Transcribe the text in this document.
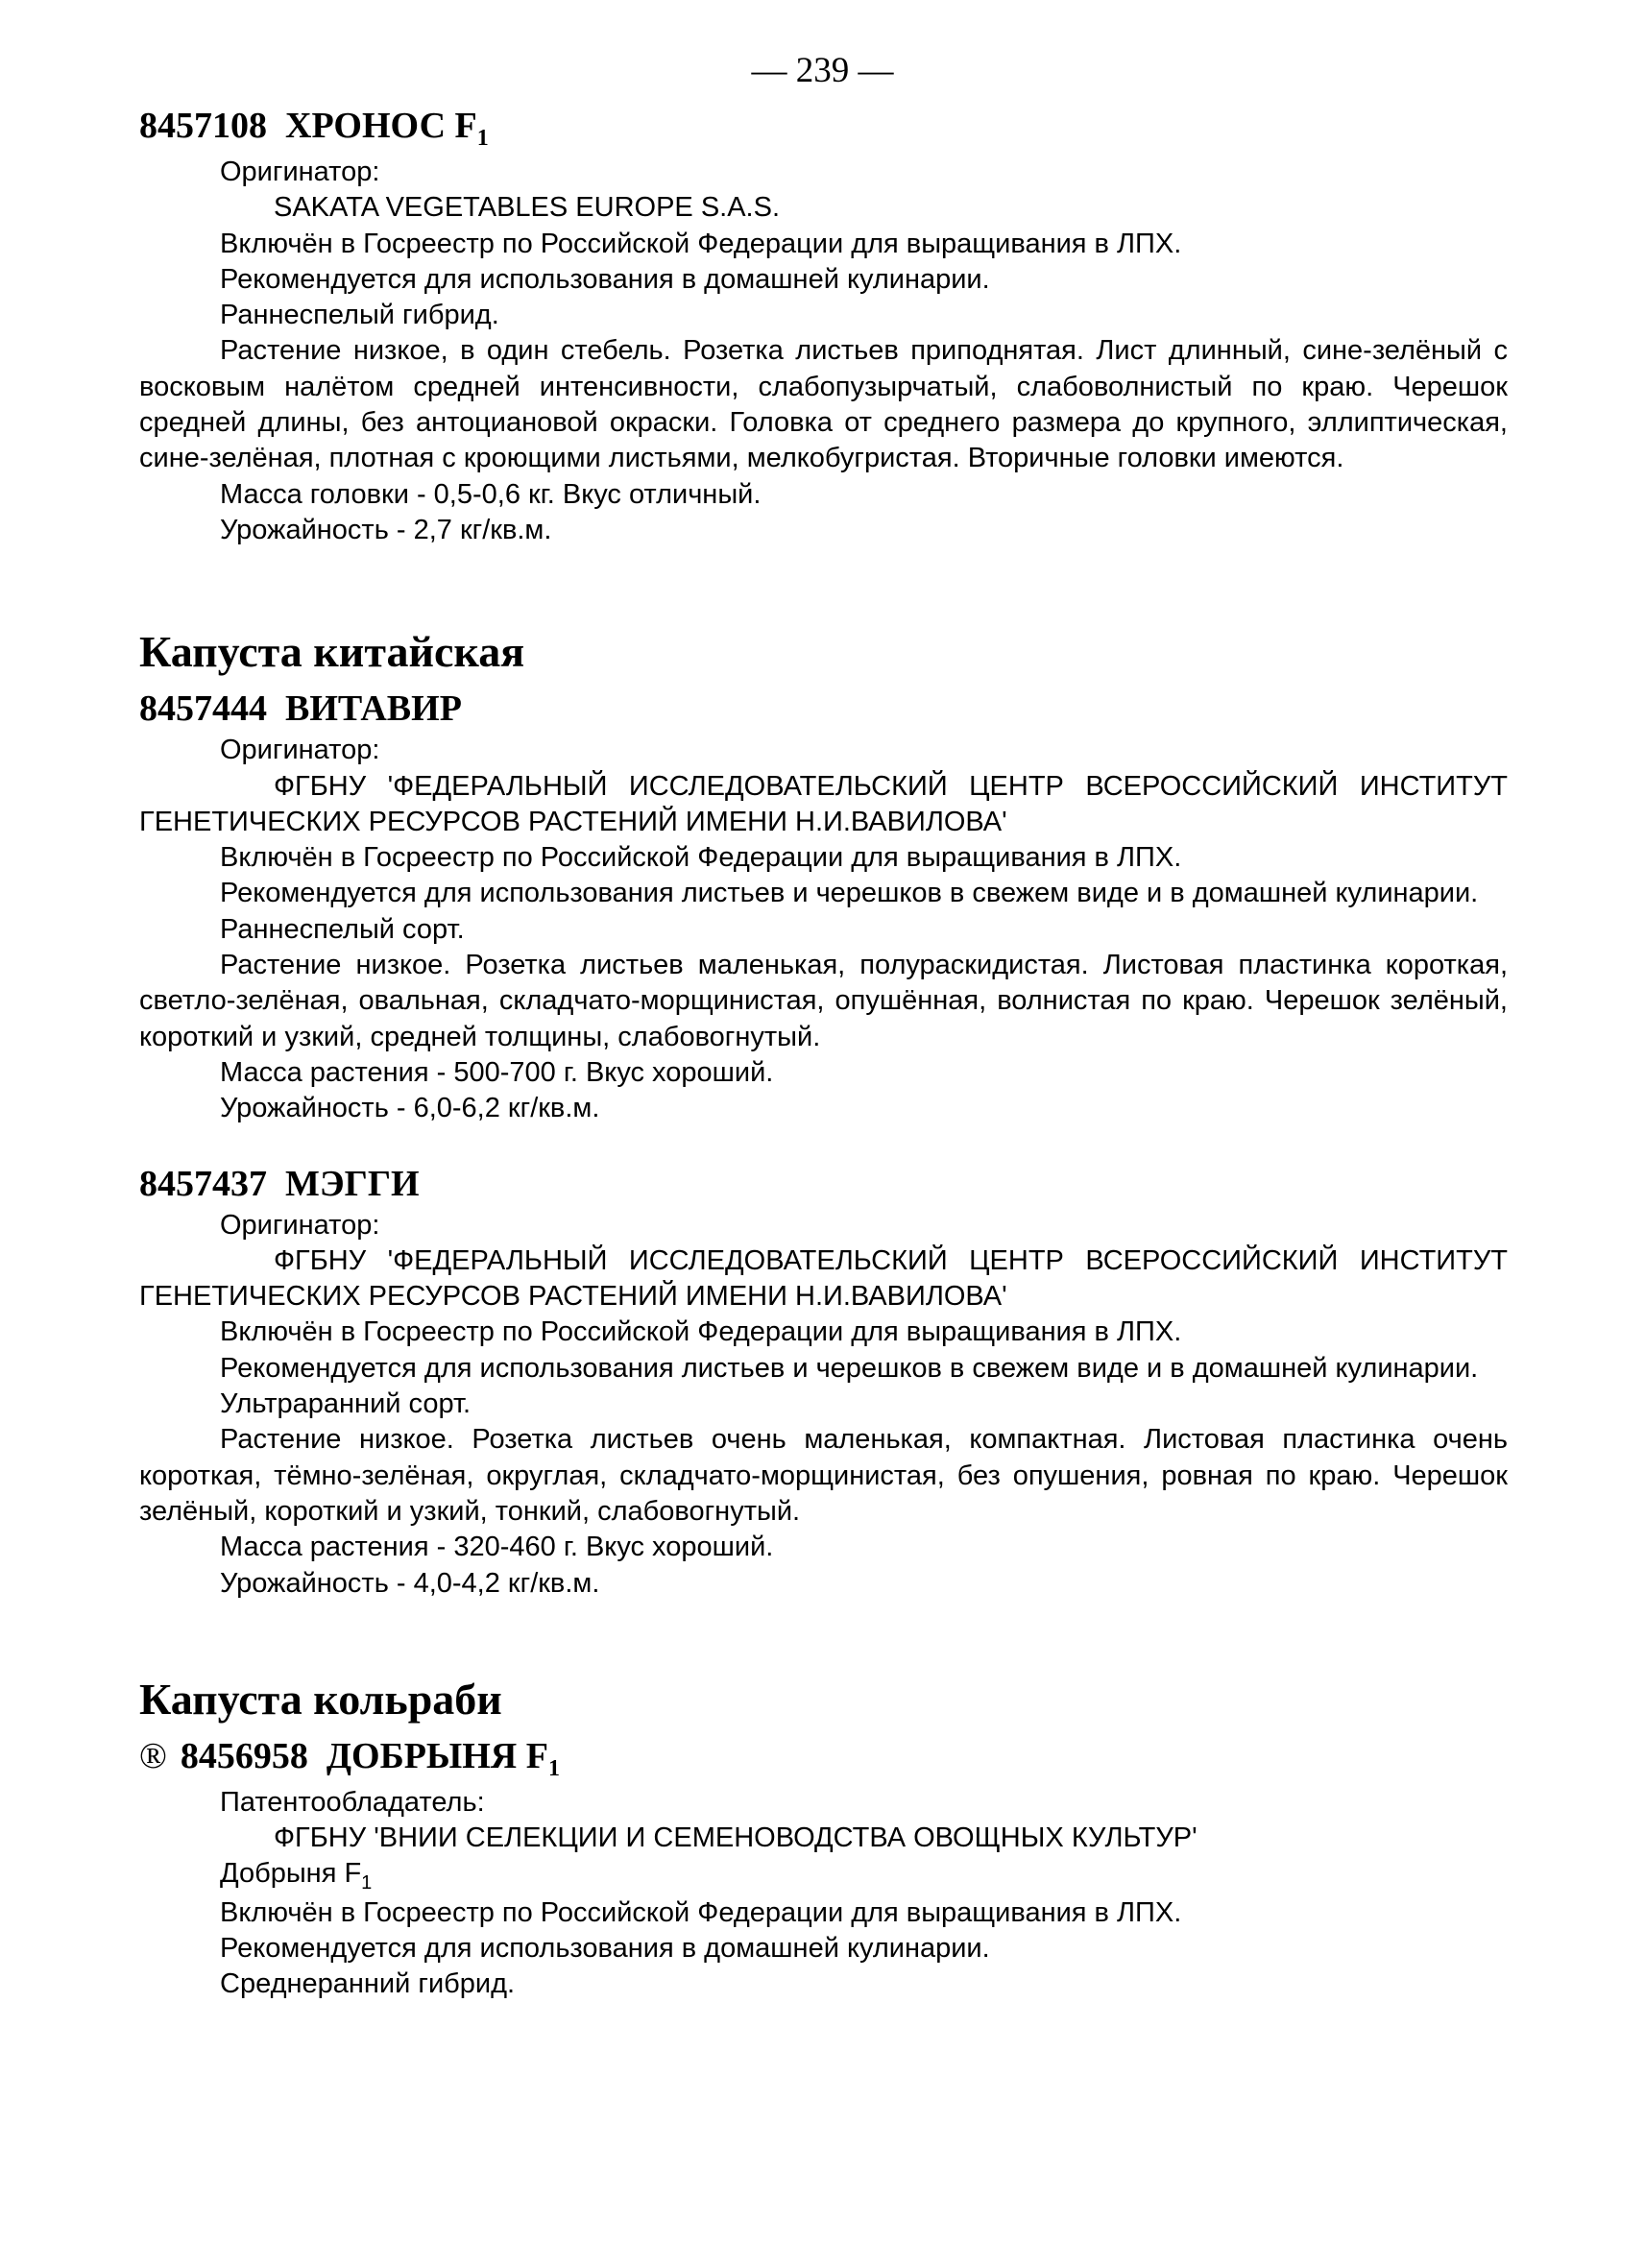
— 239 —
8457108 ХРОНОС $F_1$

Оригинатор:

SAKATA VEGETABLES EUROPE S.A.S.

Включён в Госреестр по Российской Федерации для выращивания в ЛПХ.

Рекомендуется для использования в домашней кулинарии.

Раннеспелый гибрид.

Растение низкое, в один стебель. Розетка листьев приподнятая. Лист длинный, сине-зелёный с восковым налётом средней интенсивности, слабопузырчатый, слабоволнистый по краю. Черешок средней длины, без антоциановой окраски. Головка от среднего размера до крупного, эллиптическая, сине-зелёная, плотная с кроющими листьями, мелкобугристая. Вторичные головки имеются.

Масса головки - 0,5-0,6 кг. Вкус отличный.

Урожайность - 2,7 кг/кв.м.

Капуста китайская
8457444 ВИТАВИР

Оригинатор:

ФГБНУ 'ФЕДЕРАЛЬНЫЙ ИССЛЕДОВАТЕЛЬСКИЙ ЦЕНТР ВСЕРОССИЙСКИЙ ИНСТИТУТ ГЕНЕТИЧЕСКИХ РЕСУРСОВ РАСТЕНИЙ ИМЕНИ Н.И.ВАВИЛОВА'

Включён в Госреестр по Российской Федерации для выращивания в ЛПХ.

Рекомендуется для использования листьев и черешков в свежем виде и в домашней кулинарии.

Раннеспелый сорт.

Растение низкое. Розетка листьев маленькая, полураскидистая. Листовая пластинка короткая, светло-зелёная, овальная, складчато-морщинистая, опушённая, волнистая по краю. Черешок зелёный, короткий и узкий, средней толщины, слабовогнутый.

Масса растения - 500-700 г. Вкус хороший.

Урожайность - 6,0-6,2 кг/кв.м.

8457437 МЭГГИ

Оригинатор:

ФГБНУ 'ФЕДЕРАЛЬНЫЙ ИССЛЕДОВАТЕЛЬСКИЙ ЦЕНТР ВСЕРОССИЙСКИЙ ИНСТИТУТ ГЕНЕТИЧЕСКИХ РЕСУРСОВ РАСТЕНИЙ ИМЕНИ Н.И.ВАВИЛОВА'

Включён в Госреестр по Российской Федерации для выращивания в ЛПХ.

Рекомендуется для использования листьев и черешков в свежем виде и в домашней кулинарии.

Ультраранний сорт.

Растение низкое. Розетка листьев очень маленькая, компактная. Листовая пластинка очень короткая, тёмно-зелёная, округлая, складчато-морщинистая, без опушения, ровная по краю. Черешок зелёный, короткий и узкий, тонкий, слабовогнутый.

Масса растения - 320-460 г. Вкус хороший.

Урожайность - 4,0-4,2 кг/кв.м.

Капуста кольраби
® 8456958 ДОБРЫНЯ $F_1$

Патентообладатель:

ФГБНУ 'ВНИИ СЕЛЕКЦИИ И СЕМЕНОВОДСТВА ОВОЩНЫХ КУЛЬТУР'

Добрыня $F_1$

Включён в Госреестр по Российской Федерации для выращивания в ЛПХ.

Рекомендуется для использования в домашней кулинарии.

Среднеранний гибрид.
